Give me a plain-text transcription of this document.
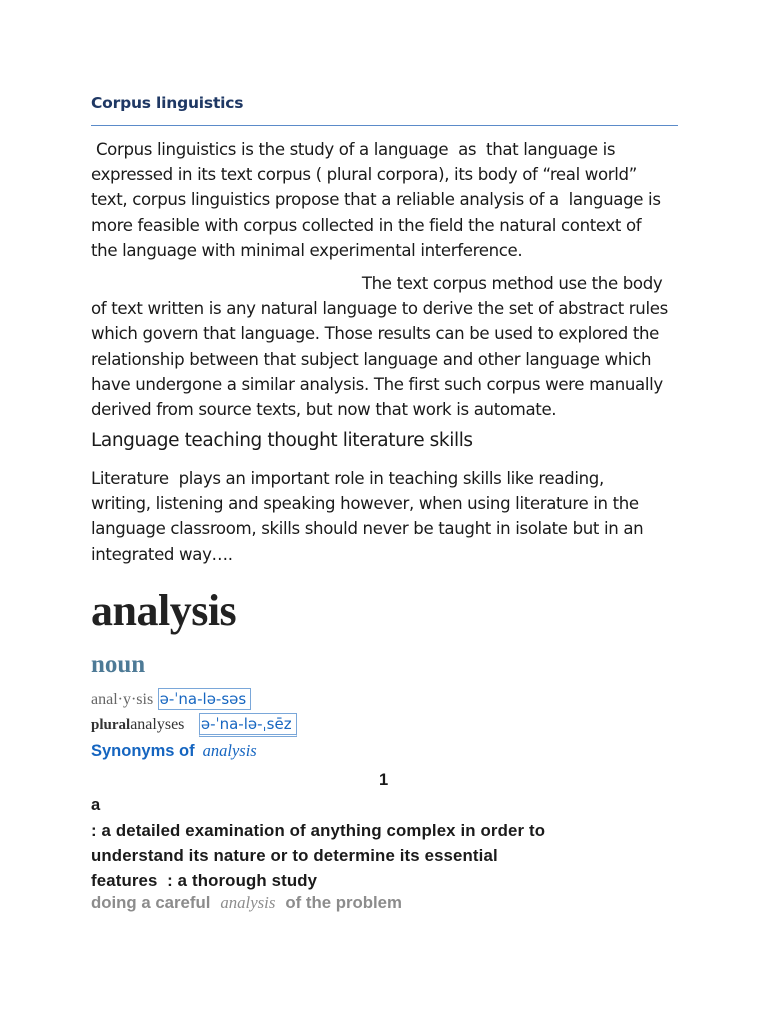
Corpus linguistics

Corpus linguistics is the study of a language  as  that language is
expressed in its text corpus ( plural corpora), its body of “real world”
text, corpus linguistics propose that a reliable analysis of a  language is
more feasible with corpus collected in the field the natural context of
the language with minimal experimental interference.

The text corpus method use the body
of text written is any natural language to derive the set of abstract rules
which govern that language. Those results can be used to explored the
relationship between that subject language and other language which
have undergone a similar analysis. The first such corpus were manually
derived from source texts, but now that work is automate.

Language teaching thought literature skills

Literature  plays an important role in teaching skills like reading,
writing, listening and speaking however, when using literature in the
language classroom, skills should never be taught in isolate but in an
integrated way….

analysis
noun
anal·y·sis ə-ˈna-lə-səs
pluralanalyses ə-ˈna-lə-ˌsēz
Synonyms of analysis
1
a

: a detailed examination of anything complex in order to
understand its nature or to determine its essential
features  : a thorough study

doing a careful analysis of the problem
